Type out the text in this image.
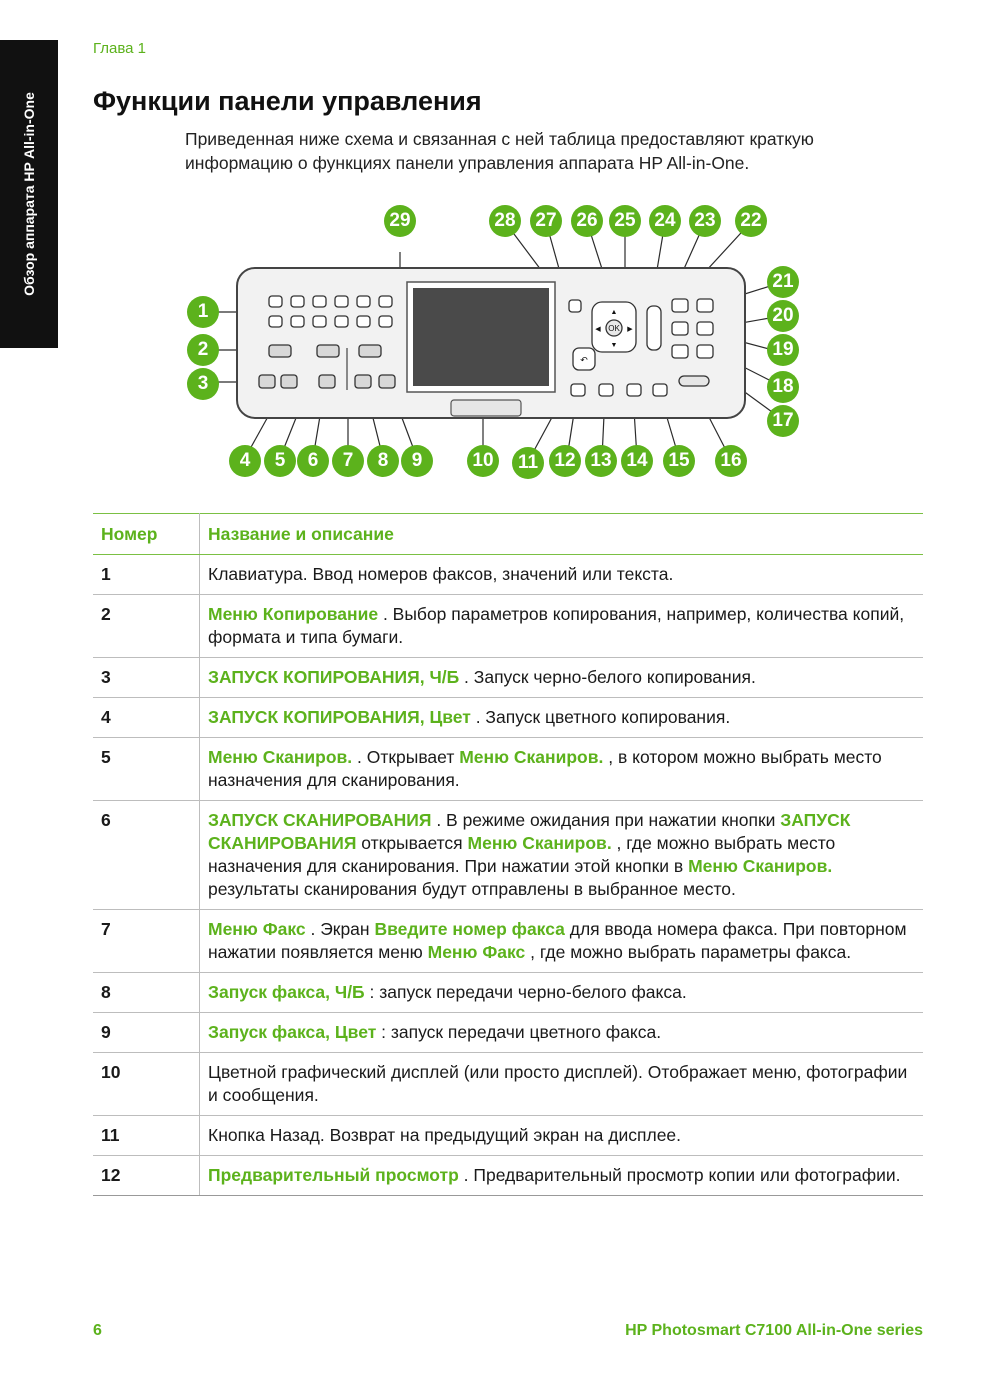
Обзор аппарата HP All-in-One
Глава 1
Функции панели управления
Приведенная ниже схема и связанная с ней таблица предоставляют краткую информацию о функциях панели управления аппарата HP All-in-One.
OK
▲
▼
◀	▶
↶
1
2
3
4	5	6	7	8	9	10	11 12 13 14	15	16
17
18
19
20
21
22
23
24
25
26
27
28
29
Номер	Название и описание
1	Клавиатура. Ввод номеров факсов, значений или текста.
2	Меню Копирование . Выбор параметров копирования, например, количества копий, формата и типа бумаги.
3	ЗАПУСК КОПИРОВАНИЯ, Ч/Б . Запуск черно-белого копирования.
4	ЗАПУСК КОПИРОВАНИЯ, Цвет . Запуск цветного копирования.
5	Меню Сканиров. . Открывает Меню Сканиров. , в котором можно выбрать место назначения для сканирования.
6	ЗАПУСК СКАНИРОВАНИЯ . В режиме ожидания при нажатии кнопки ЗАПУСК СКАНИРОВАНИЯ открывается Меню Сканиров. , где можно выбрать место назначения для сканирования. При нажатии этой кнопки в Меню Сканиров. результаты сканирования будут отправлены в выбранное место.
7	Меню Факс . Экран Введите номер факса для ввода номера факса. При повторном нажатии появляется меню Меню Факс , где можно выбрать параметры факса.
8	Запуск факса, Ч/Б : запуск передачи черно-белого факса.
9	Запуск факса, Цвет : запуск передачи цветного факса.
10	Цветной графический дисплей (или просто дисплей). Отображает меню, фотографии и сообщения.
11	Кнопка Назад. Возврат на предыдущий экран на дисплее.
12	Предварительный просмотр . Предварительный просмотр копии или фотографии.
6	HP Photosmart C7100 All-in-One series
